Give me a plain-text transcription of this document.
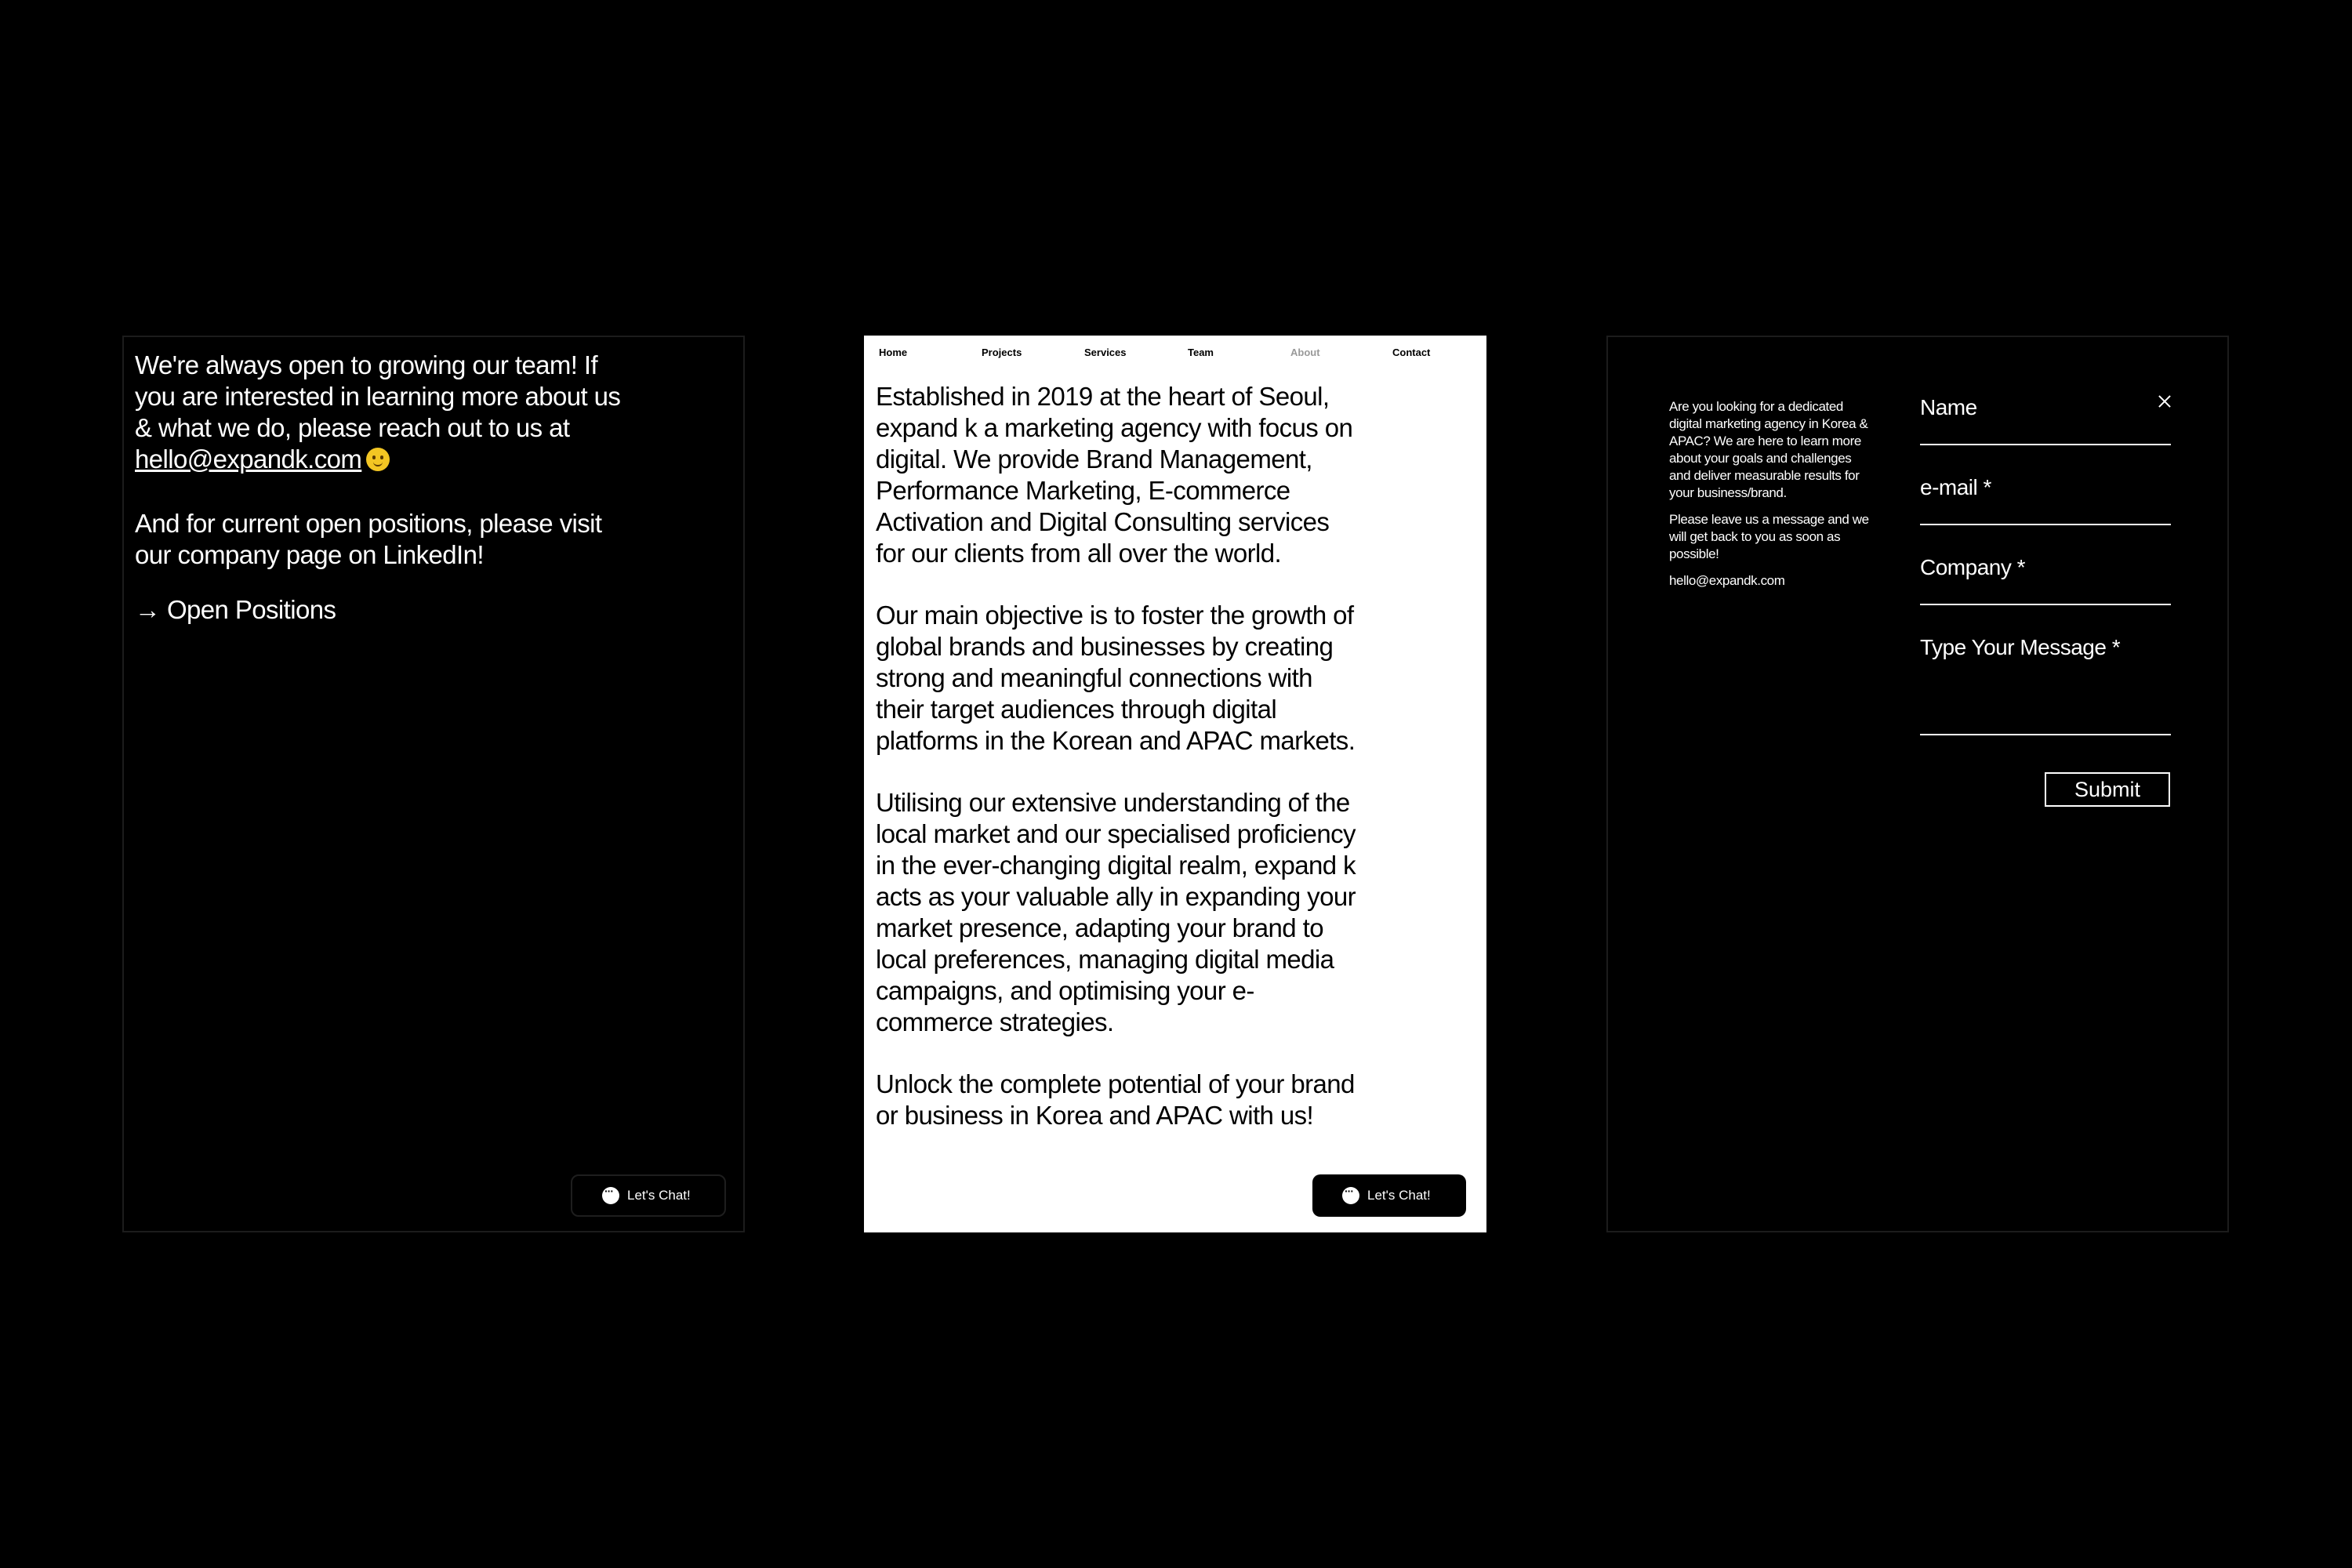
We're always open to growing our team! If you are interested in learning more about us & what we do, please reach out to us at
hello@expandk.com

And for current open positions, please visit our company page on LinkedIn!

→ Open Positions
···
Let's Chat!
Home	Projects	Services	Team	About	Contact

Established in 2019 at the heart of Seoul, expand k a marketing agency with focus on digital. We provide Brand Management, Performance Marketing, E-commerce Activation and Digital Consulting services for our clients from all over the world.

Our main objective is to foster the growth of global brands and businesses by creating strong and meaningful connections with their target audiences through digital platforms in the Korean and APAC markets.

Utilising our extensive understanding of the local market and our specialised proficiency in the ever-changing digital realm, expand k acts as your valuable ally in expanding your market presence, adapting your brand to local preferences, managing digital media campaigns, and optimising your e-commerce strategies.

Unlock the complete potential of your brand or business in Korea and APAC with us!

···
Let's Chat!

Are you looking for a dedicated digital marketing agency in Korea & APAC? We are here to learn more about your goals and challenges and deliver measurable results for your business/brand.

Please leave us a message and we will get back to you as soon as possible!

hello@expandk.com

Name
e-mail *
Company *
Type Your Message *
Submit
